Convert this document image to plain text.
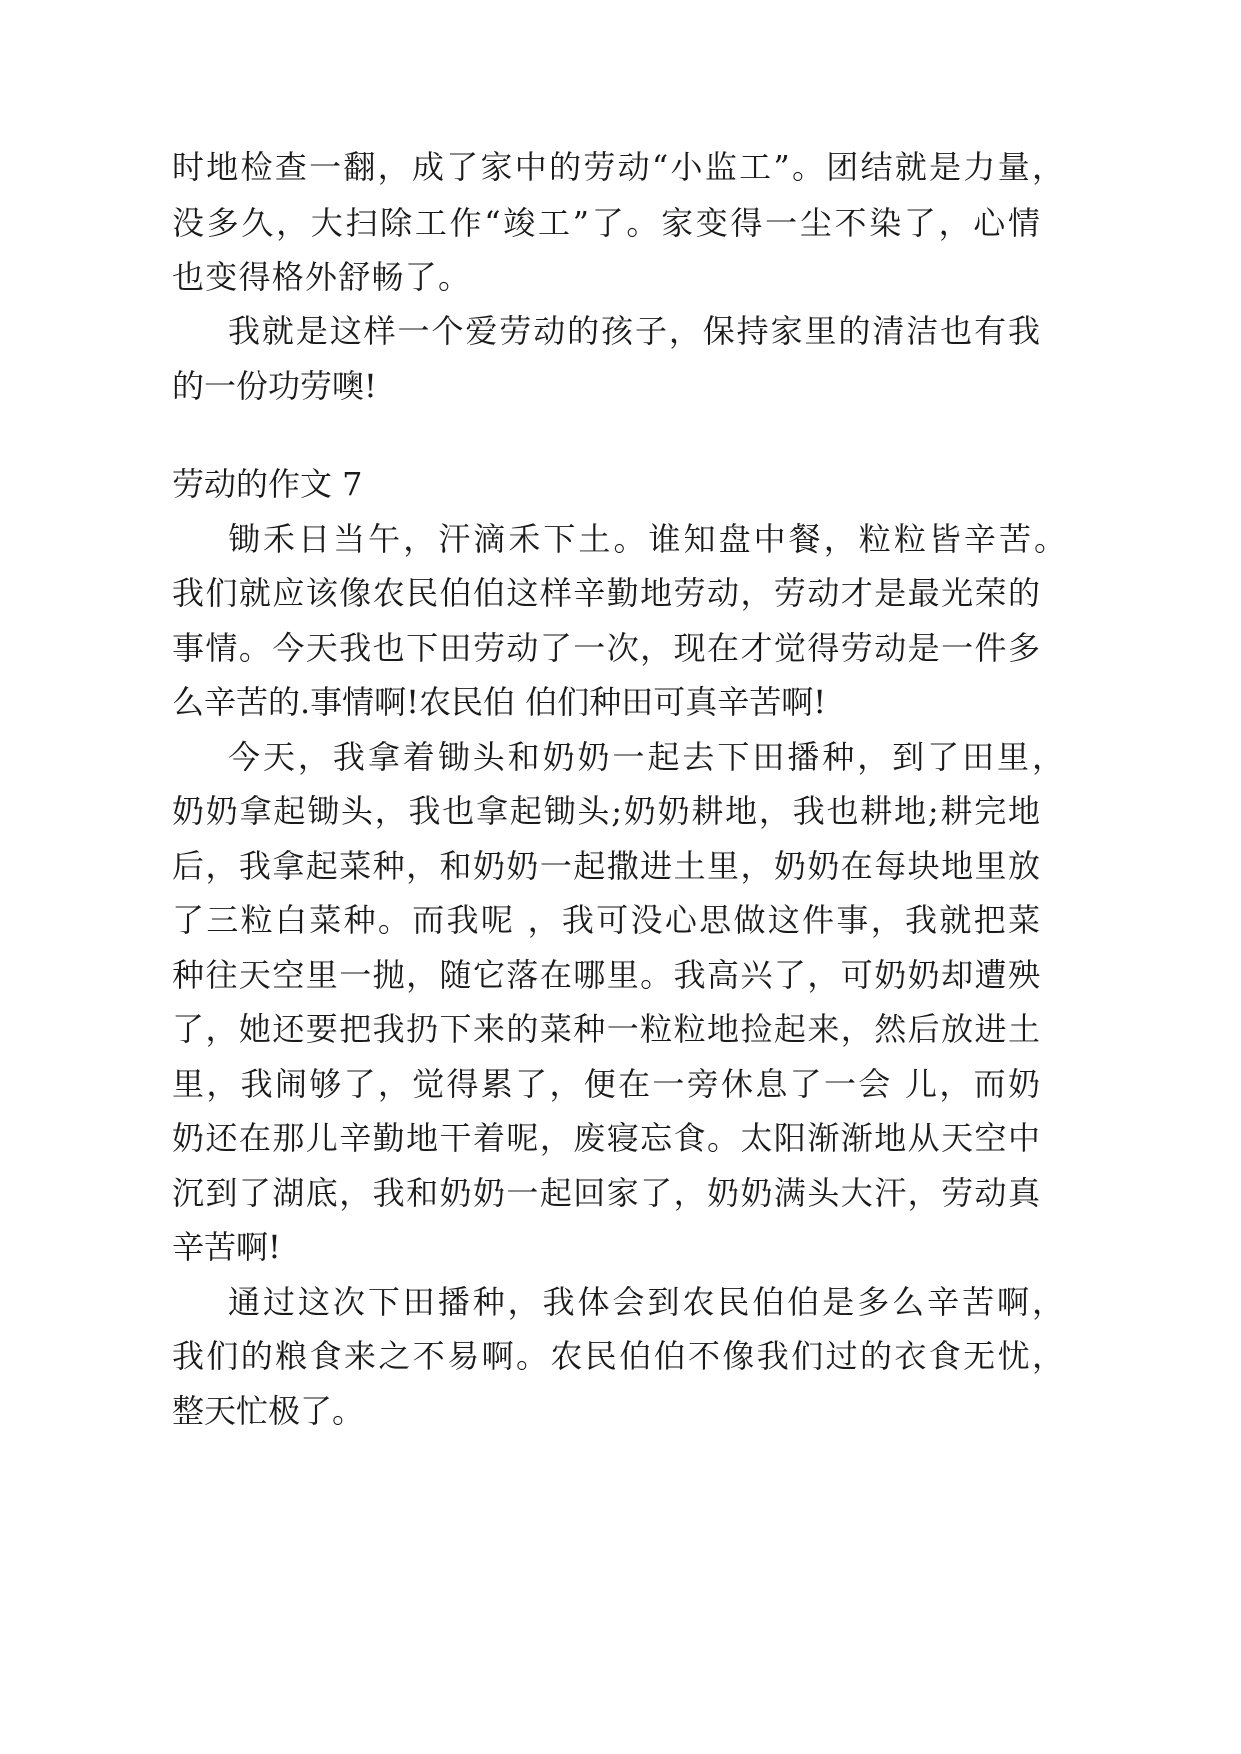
时地检查一翻，成了家中的劳动“小监工”。团结就是力量，
没多久，大扫除工作“竣工”了。家变得一尘不染了，心情
也变得格外舒畅了。
我就是这样一个爱劳动的孩子，保持家里的清洁也有我
的一份功劳噢!
劳动的作文 7
锄禾日当午，汗滴禾下土。谁知盘中餐，粒粒皆辛苦。
我们就应该像农民伯伯这样辛勤地劳动，劳动才是最光荣的
事情。今天我也下田劳动了一次，现在才觉得劳动是一件多
么辛苦的.事情啊!农民伯 伯们种田可真辛苦啊!
今天，我拿着锄头和奶奶一起去下田播种，到了田里，
奶奶拿起锄头，我也拿起锄头;奶奶耕地，我也耕地;耕完地
后，我拿起菜种，和奶奶一起撒进土里，奶奶在每块地里放
了三粒白菜种。而我呢 ，我可没心思做这件事，我就把菜
种往天空里一抛，随它落在哪里。我高兴了，可奶奶却遭殃
了，她还要把我扔下来的菜种一粒粒地捡起来，然后放进土
里，我闹够了，觉得累了，便在一旁休息了一会 儿，而奶
奶还在那儿辛勤地干着呢，废寝忘食。太阳渐渐地从天空中
沉到了湖底，我和奶奶一起回家了，奶奶满头大汗，劳动真
辛苦啊!
通过这次下田播种，我体会到农民伯伯是多么辛苦啊，
我们的粮食来之不易啊。农民伯伯不像我们过的衣食无忧，
整天忙极了。
